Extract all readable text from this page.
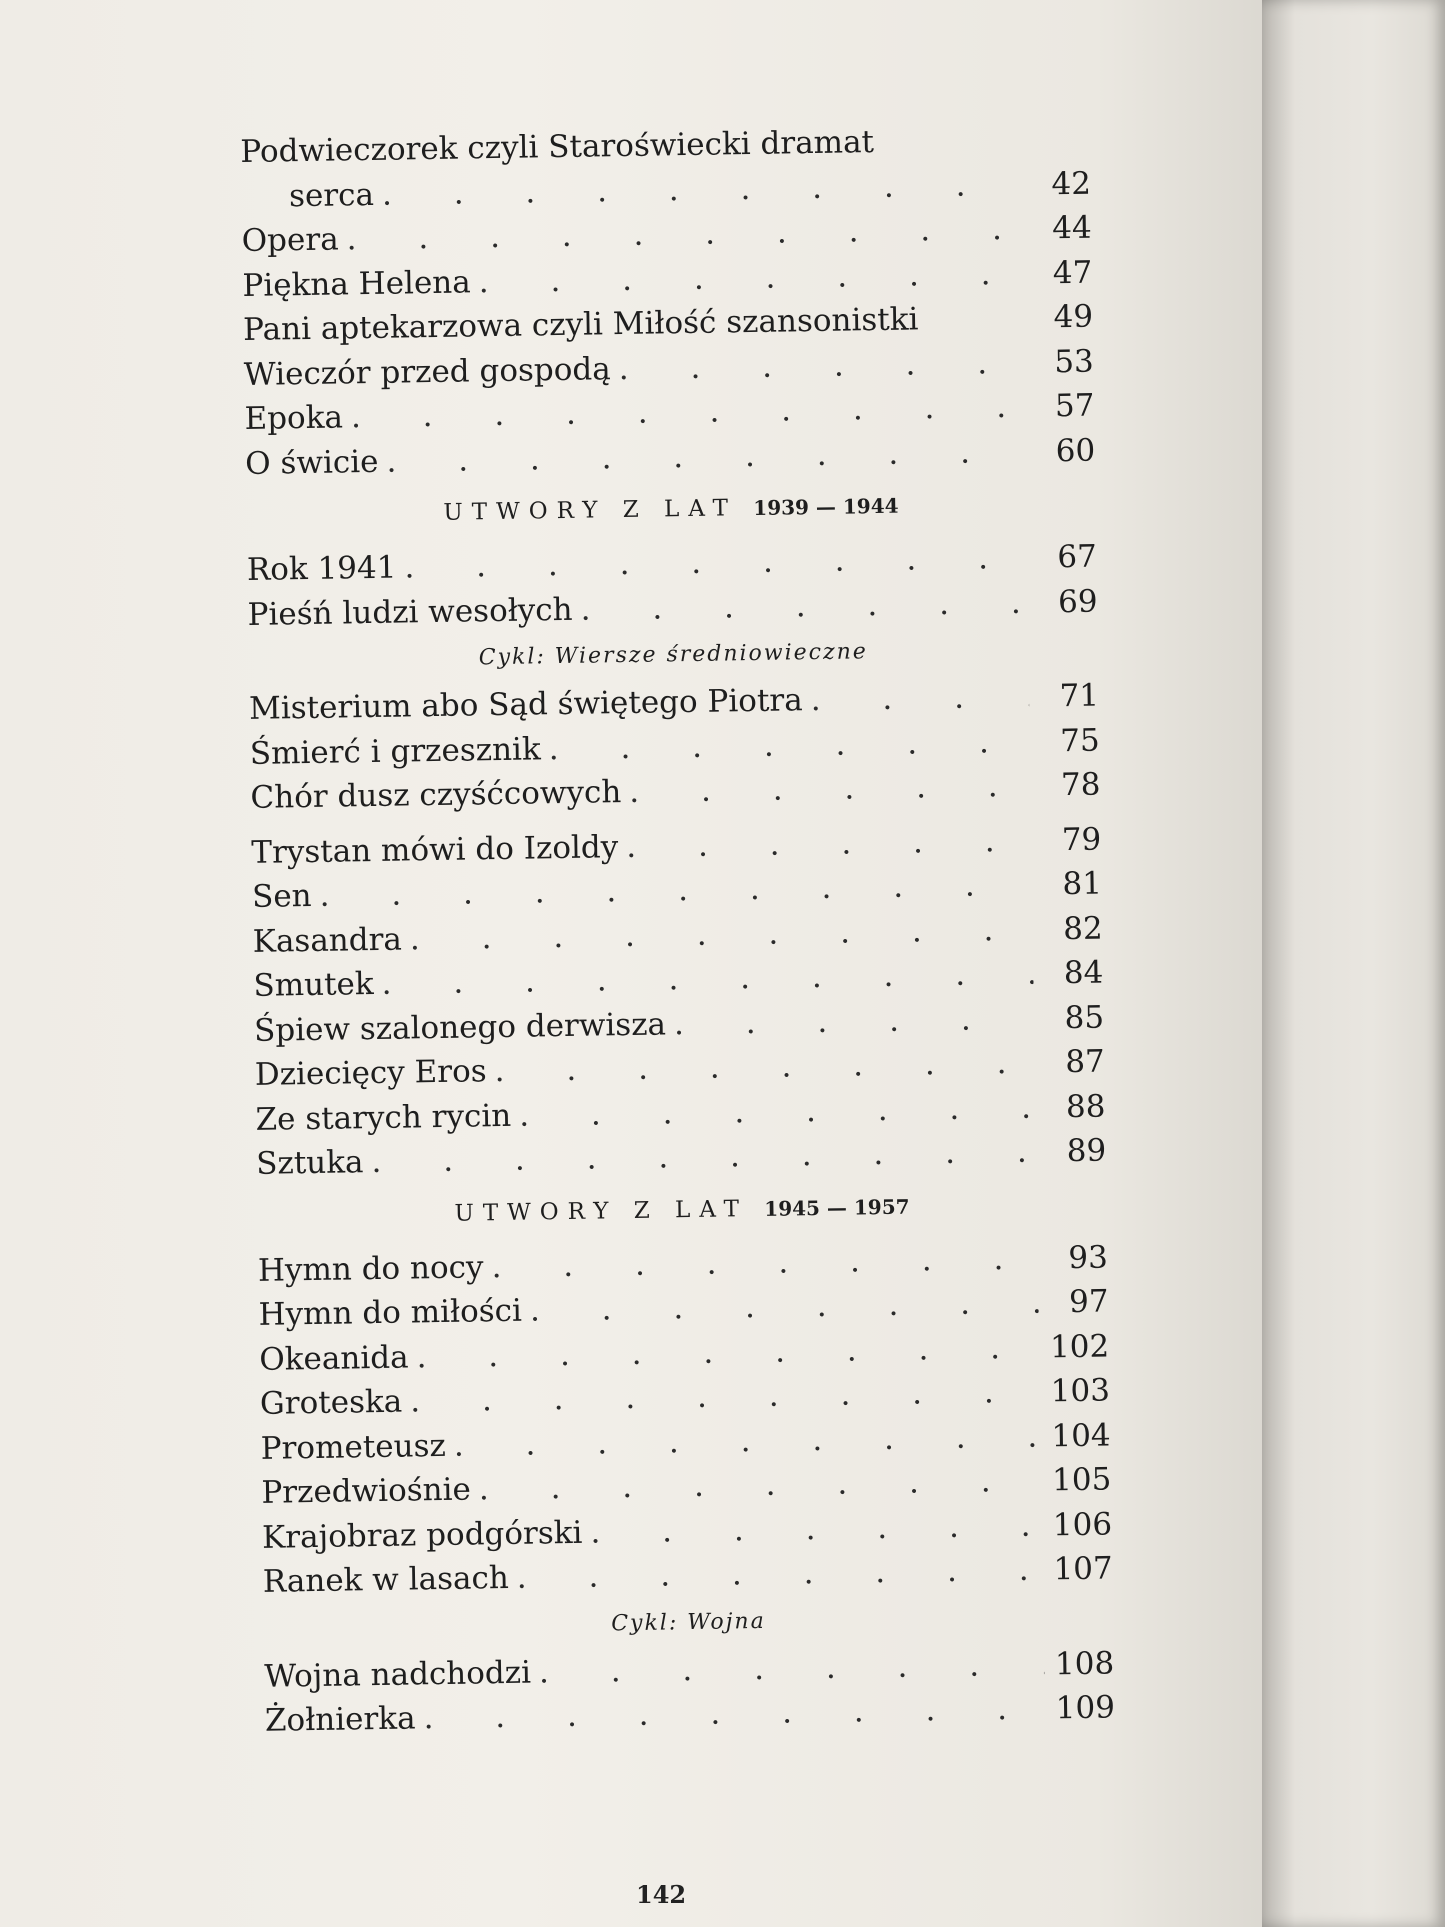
Podwieczorek czyli Staroświecki dramat
serca . . .	42
Opera . . .	44
Piękna Helena . . .	47
Pani aptekarzowa czyli Miłość szansonistki	49
Wieczór przed gospodą . . .	53
Epoka . . .	57
O świcie . . .	60
UTWORY Z LAT 1939 — 1944
Rok 1941 . . .	67
Pieśń ludzi wesołych . . .	69
Cykl: Wiersze średniowieczne
Misterium abo Sąd świętego Piotra . . .	71
Śmierć i grzesznik . . .	75
Chór dusz czyśćcowych . . .	78
Trystan mówi do Izoldy . . .	79
Sen . . .	81
Kasandra . . .	82
Smutek . . .	84
Śpiew szalonego derwisza . . .	85
Dziecięcy Eros . . .	87
Ze starych rycin . . .	88
Sztuka . . .	89
UTWORY Z LAT 1945 — 1957
Hymn do nocy . . .	93
Hymn do miłości . . .	97
Okeanida . . .	102
Groteska . . .	103
Prometeusz . . .	104
Przedwiośnie . . .	105
Krajobraz podgórski . . .	106
Ranek w lasach . . .	107
Cykl: Wojna
Wojna nadchodzi . . .	108
Żołnierka . . .	109
142
